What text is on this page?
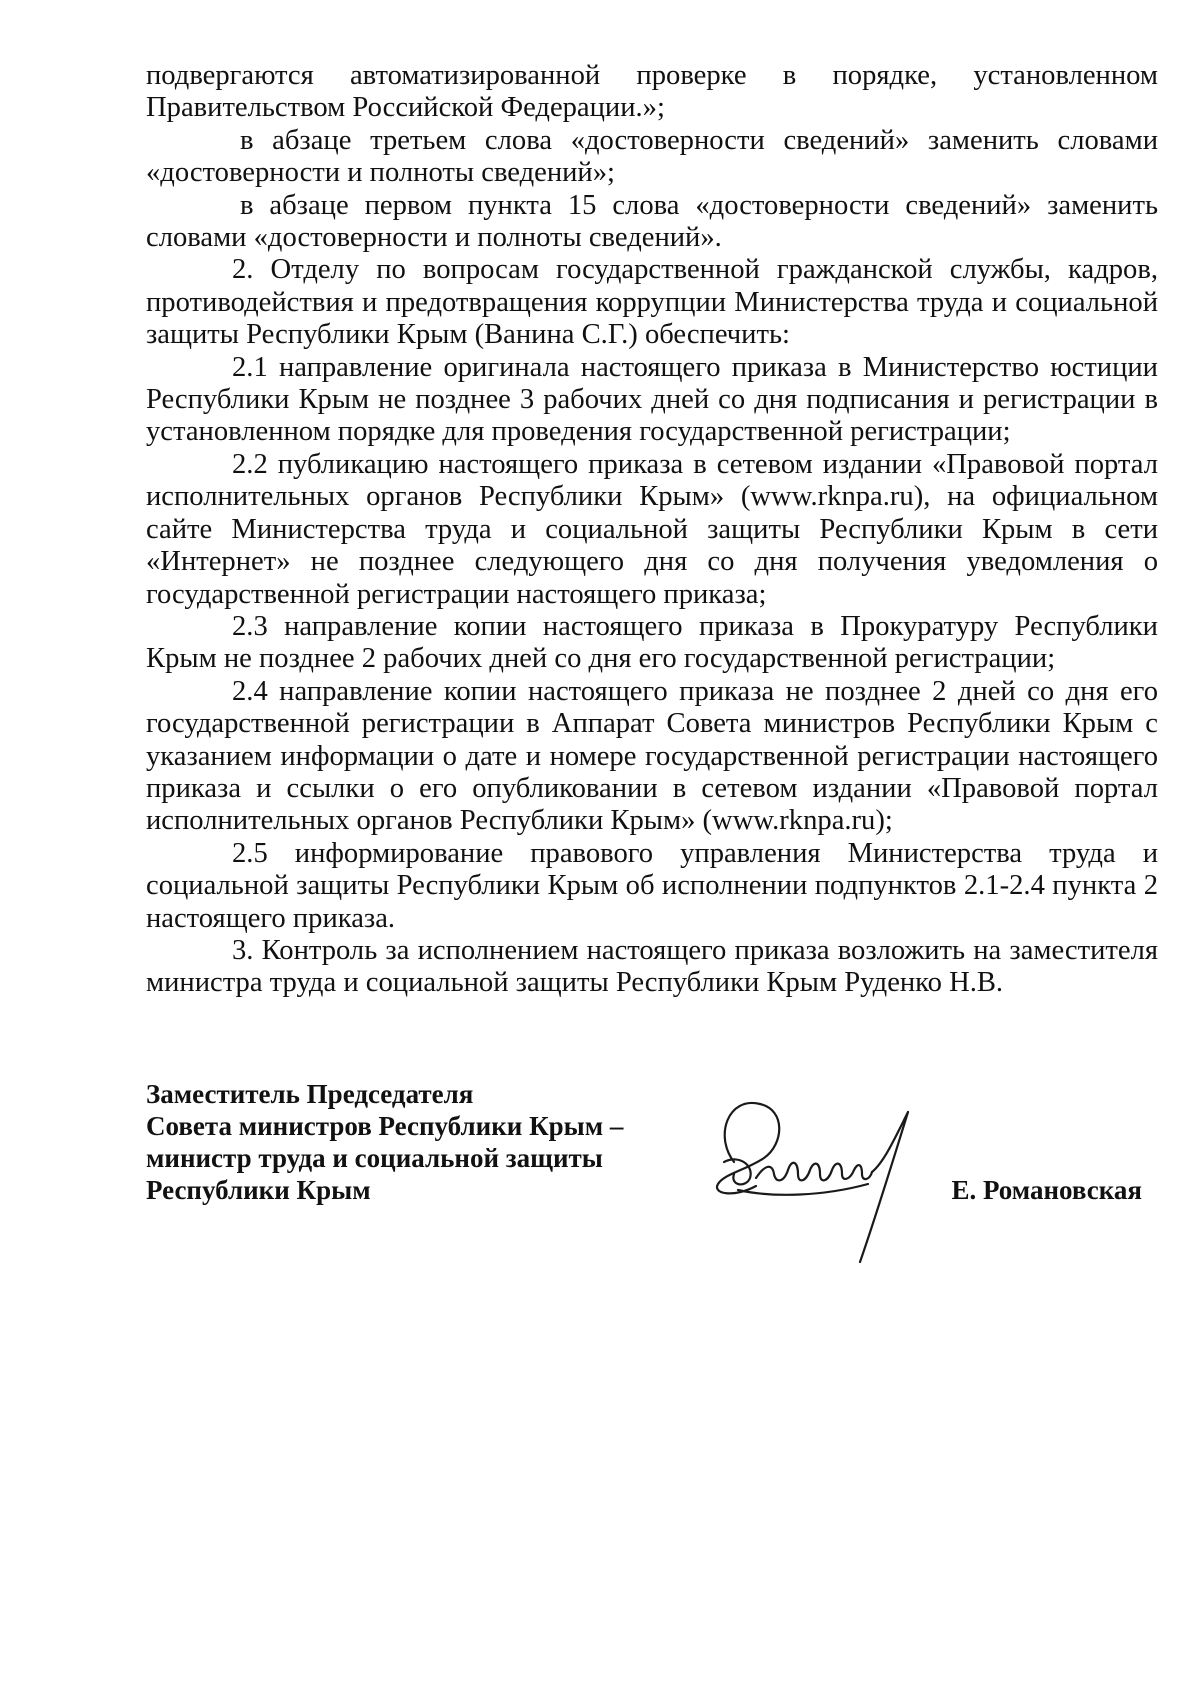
подвергаются автоматизированной проверке в порядке, установленном Правительством Российской Федерации.»;

в абзаце третьем слова «достоверности сведений» заменить словами «достоверности и полноты сведений»;

в абзаце первом пункта 15 слова «достоверности сведений» заменить словами «достоверности и полноты сведений».

2. Отделу по вопросам государственной гражданской службы, кадров, противодействия и предотвращения коррупции Министерства труда и социальной защиты Республики Крым (Ванина С.Г.) обеспечить:

2.1 направление оригинала настоящего приказа в Министерство юстиции Республики Крым не позднее 3 рабочих дней со дня подписания и регистрации в установленном порядке для проведения государственной регистрации;

2.2 публикацию настоящего приказа в сетевом издании «Правовой портал исполнительных органов Республики Крым» (www.rknpa.ru), на официальном сайте Министерства труда и социальной защиты Республики Крым в сети «Интернет» не позднее следующего дня со дня получения уведомления о государственной регистрации настоящего приказа;

2.3 направление копии настоящего приказа в Прокуратуру Республики Крым не позднее 2 рабочих дней со дня его государственной регистрации;

2.4 направление копии настоящего приказа не позднее 2 дней со дня его государственной регистрации в Аппарат Совета министров Республики Крым с указанием информации о дате и номере государственной регистрации настоящего приказа и ссылки о его опубликовании в сетевом издании «Правовой портал исполнительных органов Республики Крым» (www.rknpa.ru);

2.5 информирование правового управления Министерства труда и социальной защиты Республики Крым об исполнении подпунктов 2.1-2.4 пункта 2 настоящего приказа.

3. Контроль за исполнением настоящего приказа возложить на заместителя министра труда и социальной защиты Республики Крым Руденко Н.В.

Заместитель Председателя
Совета министров Республики Крым –
министр труда и социальной защиты
Республики Крым	Е. Романовская
